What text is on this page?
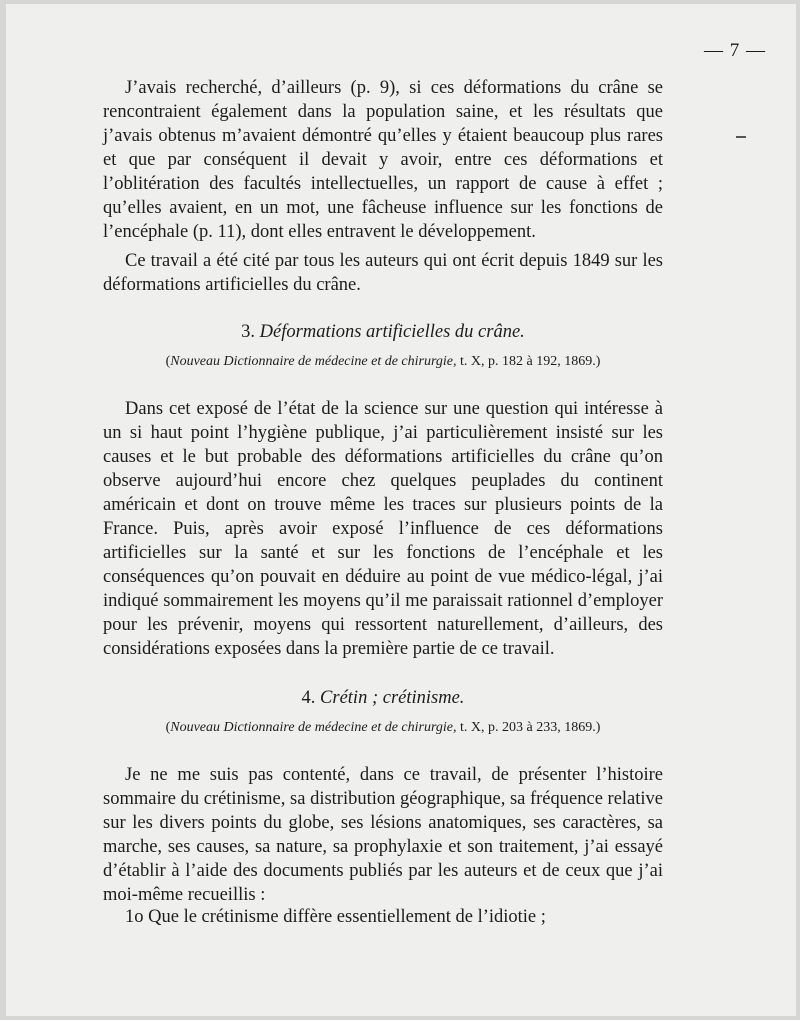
— 7 —

J’avais recherché, d’ailleurs (p. 9), si ces déformations du crâne se rencontraient également dans la population saine, et les résultats que j’avais obtenus m’avaient démontré qu’elles y étaient beaucoup plus rares et que par conséquent il devait y avoir, entre ces déformations et l’oblitération des facultés intellectuelles, un rapport de cause à effet ; qu’elles avaient, en un mot, une fâcheuse influence sur les fonctions de l’encéphale (p. 11), dont elles entravent le développement.

Ce travail a été cité par tous les auteurs qui ont écrit depuis 1849 sur les déformations artificielles du crâne.

3. Déformations artificielles du crâne.
(Nouveau Dictionnaire de médecine et de chirurgie, t. X, p. 182 à 192, 1869.)

Dans cet exposé de l’état de la science sur une question qui intéresse à un si haut point l’hygiène publique, j’ai particulièrement insisté sur les causes et le but probable des déformations artificielles du crâne qu’on observe aujourd’hui encore chez quelques peuplades du continent américain et dont on trouve même les traces sur plusieurs points de la France. Puis, après avoir exposé l’influence de ces déformations artificielles sur la santé et sur les fonctions de l’encéphale et les conséquences qu’on pouvait en déduire au point de vue médico-légal, j’ai indiqué sommairement les moyens qu’il me paraissait rationnel d’employer pour les prévenir, moyens qui ressortent naturellement, d’ailleurs, des considérations exposées dans la première partie de ce travail.

4. Crétin ; crétinisme.
(Nouveau Dictionnaire de médecine et de chirurgie, t. X, p. 203 à 233, 1869.)

Je ne me suis pas contenté, dans ce travail, de présenter l’histoire sommaire du crétinisme, sa distribution géographique, sa fréquence relative sur les divers points du globe, ses lésions anatomiques, ses caractères, sa marche, ses causes, sa nature, sa prophylaxie et son traitement, j’ai essayé d’établir à l’aide des documents publiés par les auteurs et de ceux que j’ai moi-même recueillis :

1o Que le crétinisme diffère essentiellement de l’idiotie ;
